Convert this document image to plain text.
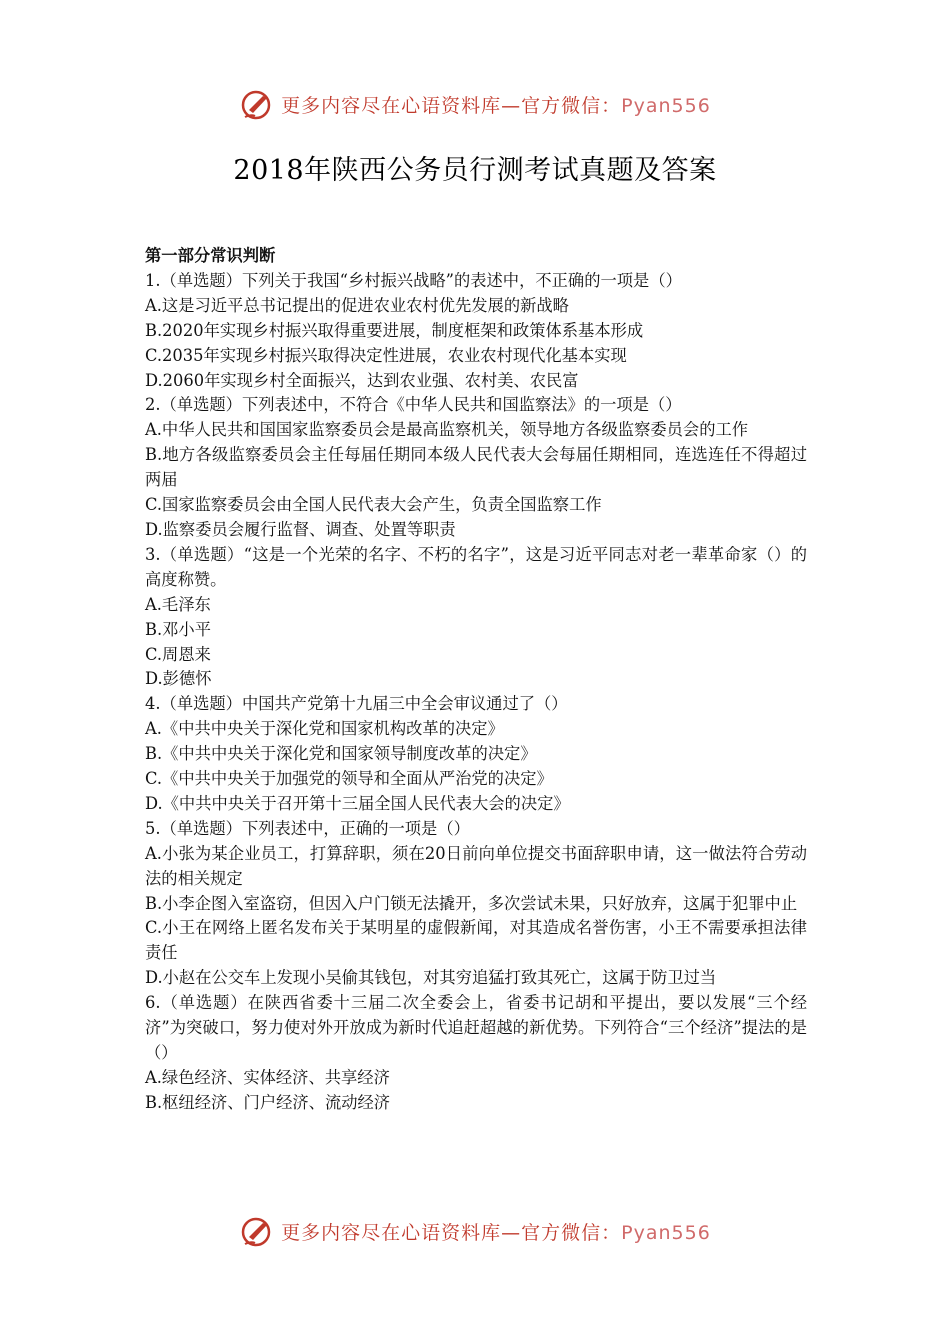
更多内容尽在心语资料库—官方微信：Pyan556
2018年陕西公务员行测考试真题及答案

第一部分常识判断

1.（单选题）下列关于我国“乡村振兴战略”的表述中，不正确的一项是（）

A.这是习近平总书记提出的促进农业农村优先发展的新战略

B.2020年实现乡村振兴取得重要进展，制度框架和政策体系基本形成

C.2035年实现乡村振兴取得决定性进展，农业农村现代化基本实现

D.2060年实现乡村全面振兴，达到农业强、农村美、农民富

2.（单选题）下列表述中，不符合《中华人民共和国监察法》的一项是（）

A.中华人民共和国国家监察委员会是最高监察机关，领导地方各级监察委员会的工作

B.地方各级监察委员会主任每届任期同本级人民代表大会每届任期相同，连选连任不得超过两届

C.国家监察委员会由全国人民代表大会产生，负责全国监察工作

D.监察委员会履行监督、调查、处置等职责

3.（单选题）“这是一个光荣的名字、不朽的名字”，这是习近平同志对老一辈革命家（）的高度称赞。

A.毛泽东

B.邓小平

C.周恩来

D.彭德怀

4.（单选题）中国共产党第十九届三中全会审议通过了（）

A.《中共中央关于深化党和国家机构改革的决定》

B.《中共中央关于深化党和国家领导制度改革的决定》

C.《中共中央关于加强党的领导和全面从严治党的决定》

D.《中共中央关于召开第十三届全国人民代表大会的决定》

5.（单选题）下列表述中，正确的一项是（）

A.小张为某企业员工，打算辞职，须在20日前向单位提交书面辞职申请，这一做法符合劳动法的相关规定

B.小李企图入室盗窃，但因入户门锁无法撬开，多次尝试未果，只好放弃，这属于犯罪中止

C.小王在网络上匿名发布关于某明星的虚假新闻，对其造成名誉伤害，小王不需要承担法律责任

D.小赵在公交车上发现小吴偷其钱包，对其穷追猛打致其死亡，这属于防卫过当

6.（单选题）在陕西省委十三届二次全委会上，省委书记胡和平提出，要以发展“三个经济”为突破口，努力使对外开放成为新时代追赶超越的新优势。下列符合“三个经济”提法的是（）

A.绿色经济、实体经济、共享经济

B.枢纽经济、门户经济、流动经济

更多内容尽在心语资料库—官方微信：Pyan556
